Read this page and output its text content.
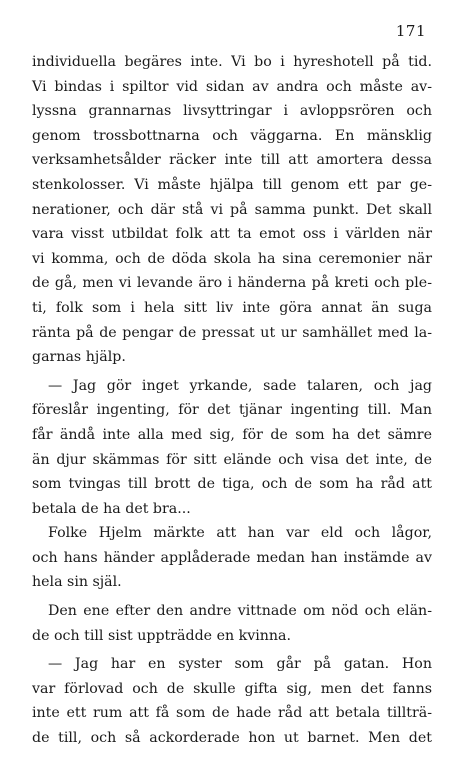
171
individuella begäres inte. Vi bo i hyreshotell på tid.
Vi bindas i spiltor vid sidan av andra och måste av-
lyssna grannarnas livsyttringar i avloppsrören och
genom trossbottnarna och väggarna. En mänsklig
verksamhetsålder räcker inte till att amortera dessa
stenkolosser. Vi måste hjälpa till genom ett par ge-
nerationer, och där stå vi på samma punkt. Det skall
vara visst utbildat folk att ta emot oss i världen när
vi komma, och de döda skola ha sina ceremonier när
de gå, men vi levande äro i händerna på kreti och ple-
ti, folk som i hela sitt liv inte göra annat än suga
ränta på de pengar de pressat ut ur samhället med la-
garnas hjälp.
— Jag gör inget yrkande, sade talaren, och jag
föreslår ingenting, för det tjänar ingenting till. Man
får ändå inte alla med sig, för de som ha det sämre
än djur skämmas för sitt elände och visa det inte, de
som tvingas till brott de tiga, och de som ha råd att
betala de ha det bra...
Folke Hjelm märkte att han var eld och lågor,
och hans händer applåderade medan han instämde av
hela sin själ.
Den ene efter den andre vittnade om nöd och elän-
de och till sist uppträdde en kvinna.
— Jag har en syster som går på gatan. Hon
var förlovad och de skulle gifta sig, men det fanns
inte ett rum att få som de hade råd att betala tillträ-
de till, och så ackorderade hon ut barnet. Men det
